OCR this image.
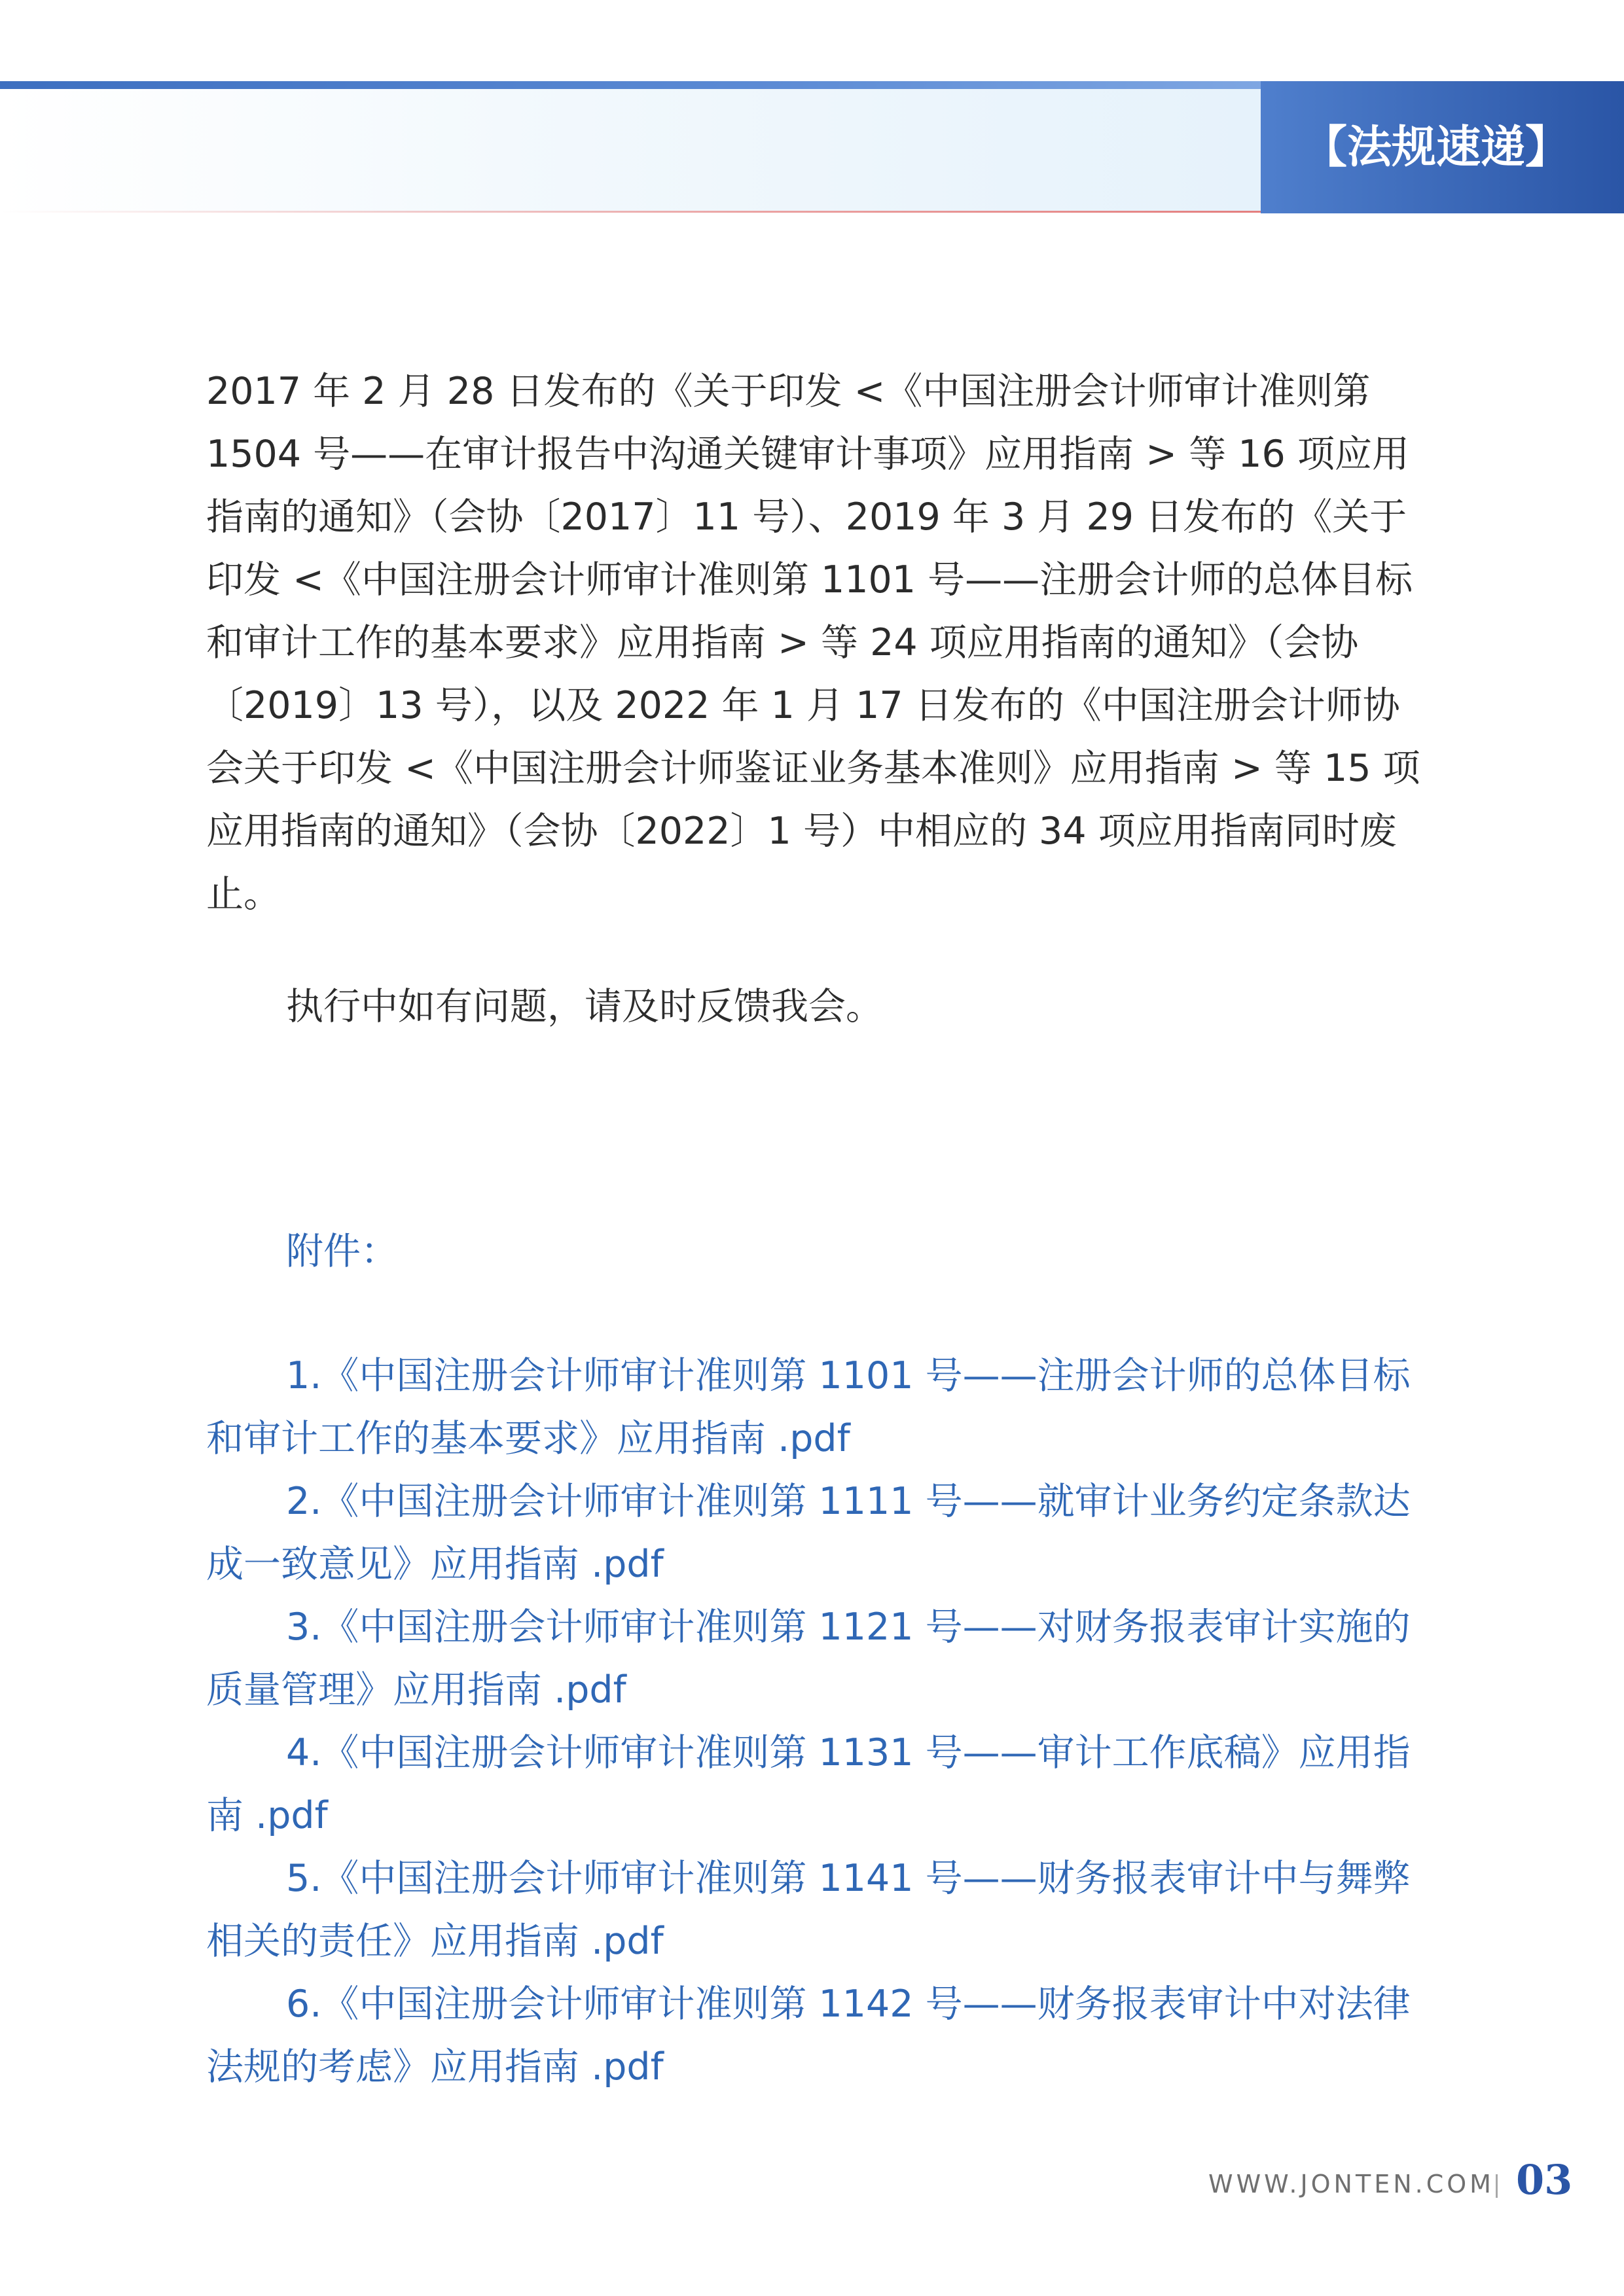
【法规速递】

2017 年 2 月 28 日发布的《关于印发 <《中国注册会计师审计准则第 1504 号——在审计报告中沟通关键审计事项》应用指南 > 等 16 项应用指南的通知》（会协〔2017〕11 号）、2019 年 3 月 29 日发布的《关于印发 <《中国注册会计师审计准则第 1101 号——注册会计师的总体目标和审计工作的基本要求》应用指南 > 等 24 项应用指南的通知》（会协〔2019〕13 号），以及 2022 年 1 月 17 日发布的《中国注册会计师协会关于印发 <《中国注册会计师鉴证业务基本准则》应用指南 > 等 15 项应用指南的通知》（会协〔2022〕1 号）中相应的 34 项应用指南同时废止。

执行中如有问题，请及时反馈我会。

附件：

1.《中国注册会计师审计准则第 1101 号——注册会计师的总体目标和审计工作的基本要求》应用指南 .pdf

2.《中国注册会计师审计准则第 1111 号——就审计业务约定条款达成一致意见》应用指南 .pdf

3.《中国注册会计师审计准则第 1121 号——对财务报表审计实施的质量管理》应用指南 .pdf

4.《中国注册会计师审计准则第 1131 号——审计工作底稿》应用指南 .pdf

5.《中国注册会计师审计准则第 1141 号——财务报表审计中与舞弊相关的责任》应用指南 .pdf

6.《中国注册会计师审计准则第 1142 号——财务报表审计中对法律法规的考虑》应用指南 .pdf

WWW.JONTEN.COM 03
